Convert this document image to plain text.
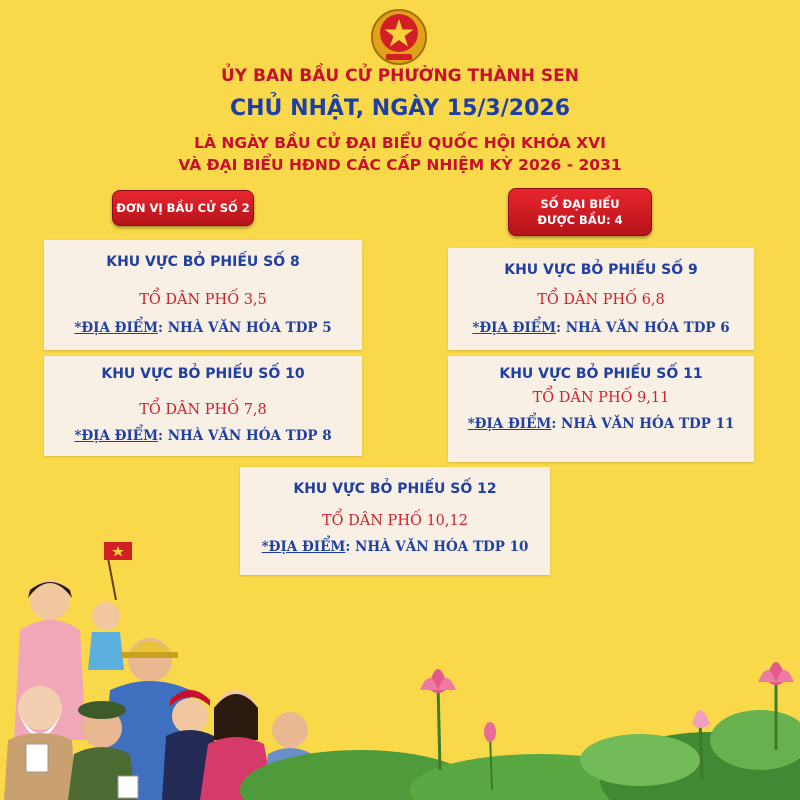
ỦY BAN BẦU CỬ PHƯỜNG THÀNH SEN
CHỦ NHẬT, NGÀY 15/3/2026
LÀ NGÀY BẦU CỬ ĐẠI BIỂU QUỐC HỘI KHÓA XVI
VÀ ĐẠI BIỂU HĐND CÁC CẤP NHIỆM KỲ 2026 - 2031
ĐƠN VỊ BẦU CỬ SỐ 2	SỐ ĐẠI BIỂU
ĐƯỢC BẦU: 4
KHU VỰC BỎ PHIẾU SỐ 8
TỔ DÂN PHỐ 3,5
*ĐỊA ĐIỂM: NHÀ VĂN HÓA TDP 5
KHU VỰC BỎ PHIẾU SỐ 9
TỔ DÂN PHỐ 6,8
*ĐỊA ĐIỂM: NHÀ VĂN HÓA TDP 6
KHU VỰC BỎ PHIẾU SỐ 10
TỔ DÂN PHỐ 7,8
*ĐỊA ĐIỂM: NHÀ VĂN HÓA TDP 8
KHU VỰC BỎ PHIẾU SỐ 11
TỔ DÂN PHỐ 9,11
*ĐỊA ĐIỂM: NHÀ VĂN HÓA TDP 11
KHU VỰC BỎ PHIẾU SỐ 12
TỔ DÂN PHỐ 10,12
*ĐỊA ĐIỂM: NHÀ VĂN HÓA TDP 10
